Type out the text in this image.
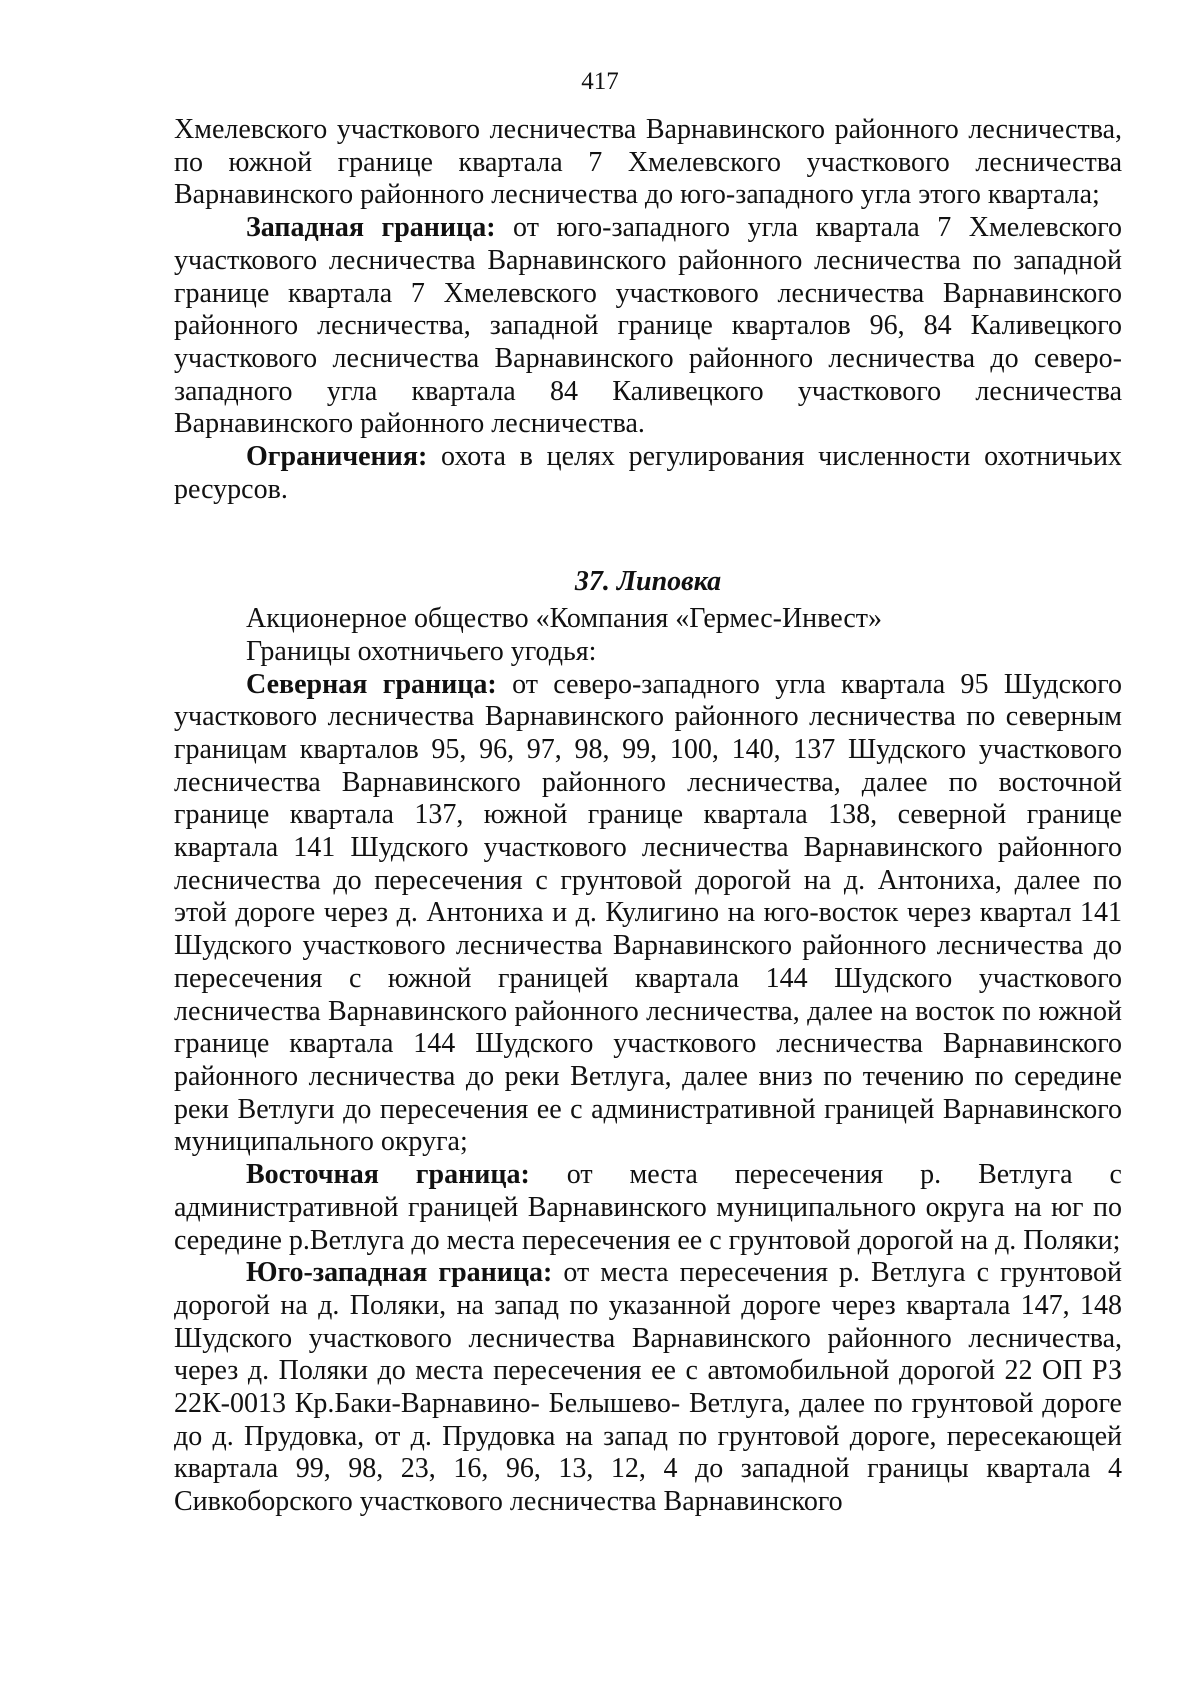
417

Хмелевского участкового лесничества Варнавинского районного лесничества, по южной границе квартала 7 Хмелевского участкового лесничества Варнавинского районного лесничества до юго-западного угла этого квартала;

Западная граница: от юго-западного угла квартала 7 Хмелевского участкового лесничества Варнавинского районного лесничества по западной границе квартала 7 Хмелевского участкового лесничества Варнавинского районного лесничества, западной границе кварталов 96, 84 Каливецкого участкового лесничества Варнавинского районного лесничества до северо-западного угла квартала 84 Каливецкого участкового лесничества Варнавинского районного лесничества.

Ограничения: охота в целях регулирования численности охотничьих ресурсов.

37. Липовка

Акционерное общество «Компания «Гермес-Инвест»

Границы охотничьего угодья:

Северная граница: от северо-западного угла квартала 95 Шудского участкового лесничества Варнавинского районного лесничества по северным границам кварталов 95, 96, 97, 98, 99, 100, 140, 137 Шудского участкового лесничества Варнавинского районного лесничества, далее по восточной границе квартала 137, южной границе квартала 138, северной границе квартала 141 Шудского участкового лесничества Варнавинского районного лесничества до пересечения с грунтовой дорогой на д. Антониха, далее по этой дороге через д. Антониха и д. Кулигино на юго-восток через квартал 141 Шудского участкового лесничества Варнавинского районного лесничества до пересечения с южной границей квартала 144 Шудского участкового лесничества Варнавинского районного лесничества, далее на восток по южной границе квартала 144 Шудского участкового лесничества Варнавинского районного лесничества до реки Ветлуга, далее вниз по течению по середине реки Ветлуги до пересечения ее с административной границей Варнавинского муниципального округа;

Восточная граница: от места пересечения р. Ветлуга с административной границей Варнавинского муниципального округа на юг по середине р.Ветлуга до места пересечения ее с грунтовой дорогой на д. Поляки;

Юго-западная граница: от места пересечения р. Ветлуга с грунтовой дорогой на д. Поляки, на запад по указанной дороге через квартала 147, 148 Шудского участкового лесничества Варнавинского районного лесничества, через д. Поляки до места пересечения ее с автомобильной дорогой 22 ОП РЗ 22К-0013 Кр.Баки-Варнавино- Белышево- Ветлуга, далее по грунтовой дороге до д. Прудовка, от д. Прудовка на запад по грунтовой дороге, пересекающей квартала 99, 98, 23, 16, 96, 13, 12, 4 до западной границы квартала 4 Сивкоборского участкового лесничества Варнавинского
